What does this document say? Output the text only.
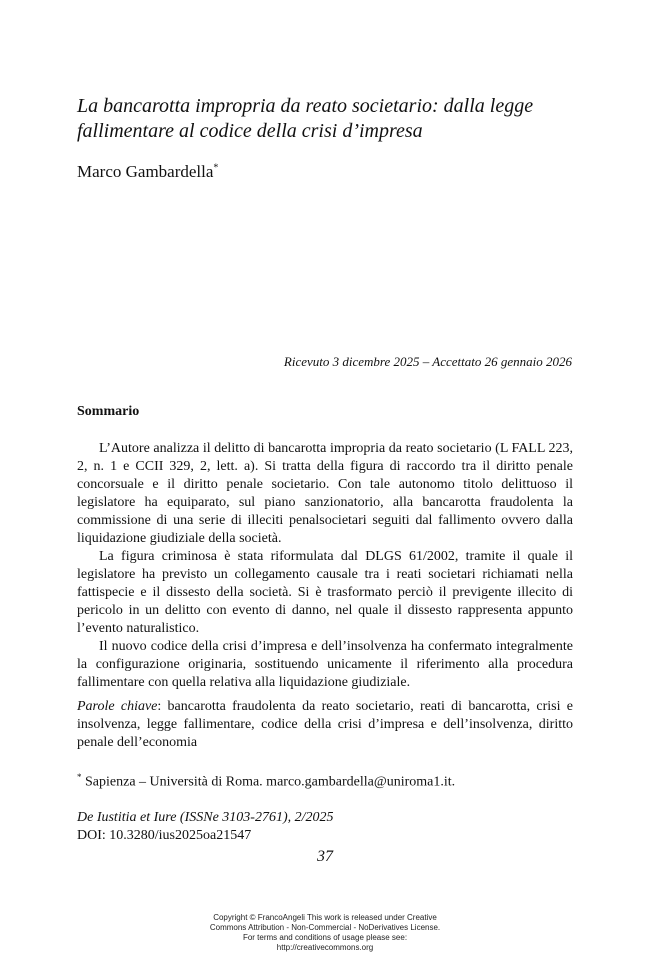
La bancarotta impropria da reato societario: dalla legge fallimentare al codice della crisi d’impresa
Marco Gambardella*
Ricevuto 3 dicembre 2025 – Accettato 26 gennaio 2026
Sommario

L’Autore analizza il delitto di bancarotta impropria da reato societario (L FALL 223, 2, n. 1 e CCII 329, 2, lett. a). Si tratta della figura di raccordo tra il diritto penale concorsuale e il diritto penale societario. Con tale autonomo titolo delittuoso il legislatore ha equiparato, sul piano sanzionatorio, alla bancarotta fraudolenta la commissione di una serie di illeciti penalsocietari seguiti dal fallimento ovvero dalla liquidazione giudiziale della società.

La figura criminosa è stata riformulata dal DLGS 61/2002, tramite il quale il legislatore ha previsto un collegamento causale tra i reati societari richiamati nella fattispecie e il dissesto della società. Si è trasformato perciò il previgente illecito di pericolo in un delitto con evento di danno, nel quale il dissesto rappresenta appunto l’evento naturalistico.

Il nuovo codice della crisi d’impresa e dell’insolvenza ha confermato integralmente la configurazione originaria, sostituendo unicamente il riferimento alla procedura fallimentare con quella relativa alla liquidazione giudiziale.

Parole chiave: bancarotta fraudolenta da reato societario, reati di bancarotta, crisi e insolvenza, legge fallimentare, codice della crisi d’impresa e dell’insolvenza, diritto penale dell’economia

* Sapienza – Università di Roma. marco.gambardella@uniroma1.it.
De Iustitia et Iure (ISSNe 3103-2761), 2/2025
DOI: 10.3280/ius2025oa21547
37
Copyright © FrancoAngeli This work is released under Creative
Commons Attribution - Non-Commercial - NoDerivatives License.
For terms and conditions of usage please see:
http://creativecommons.org
